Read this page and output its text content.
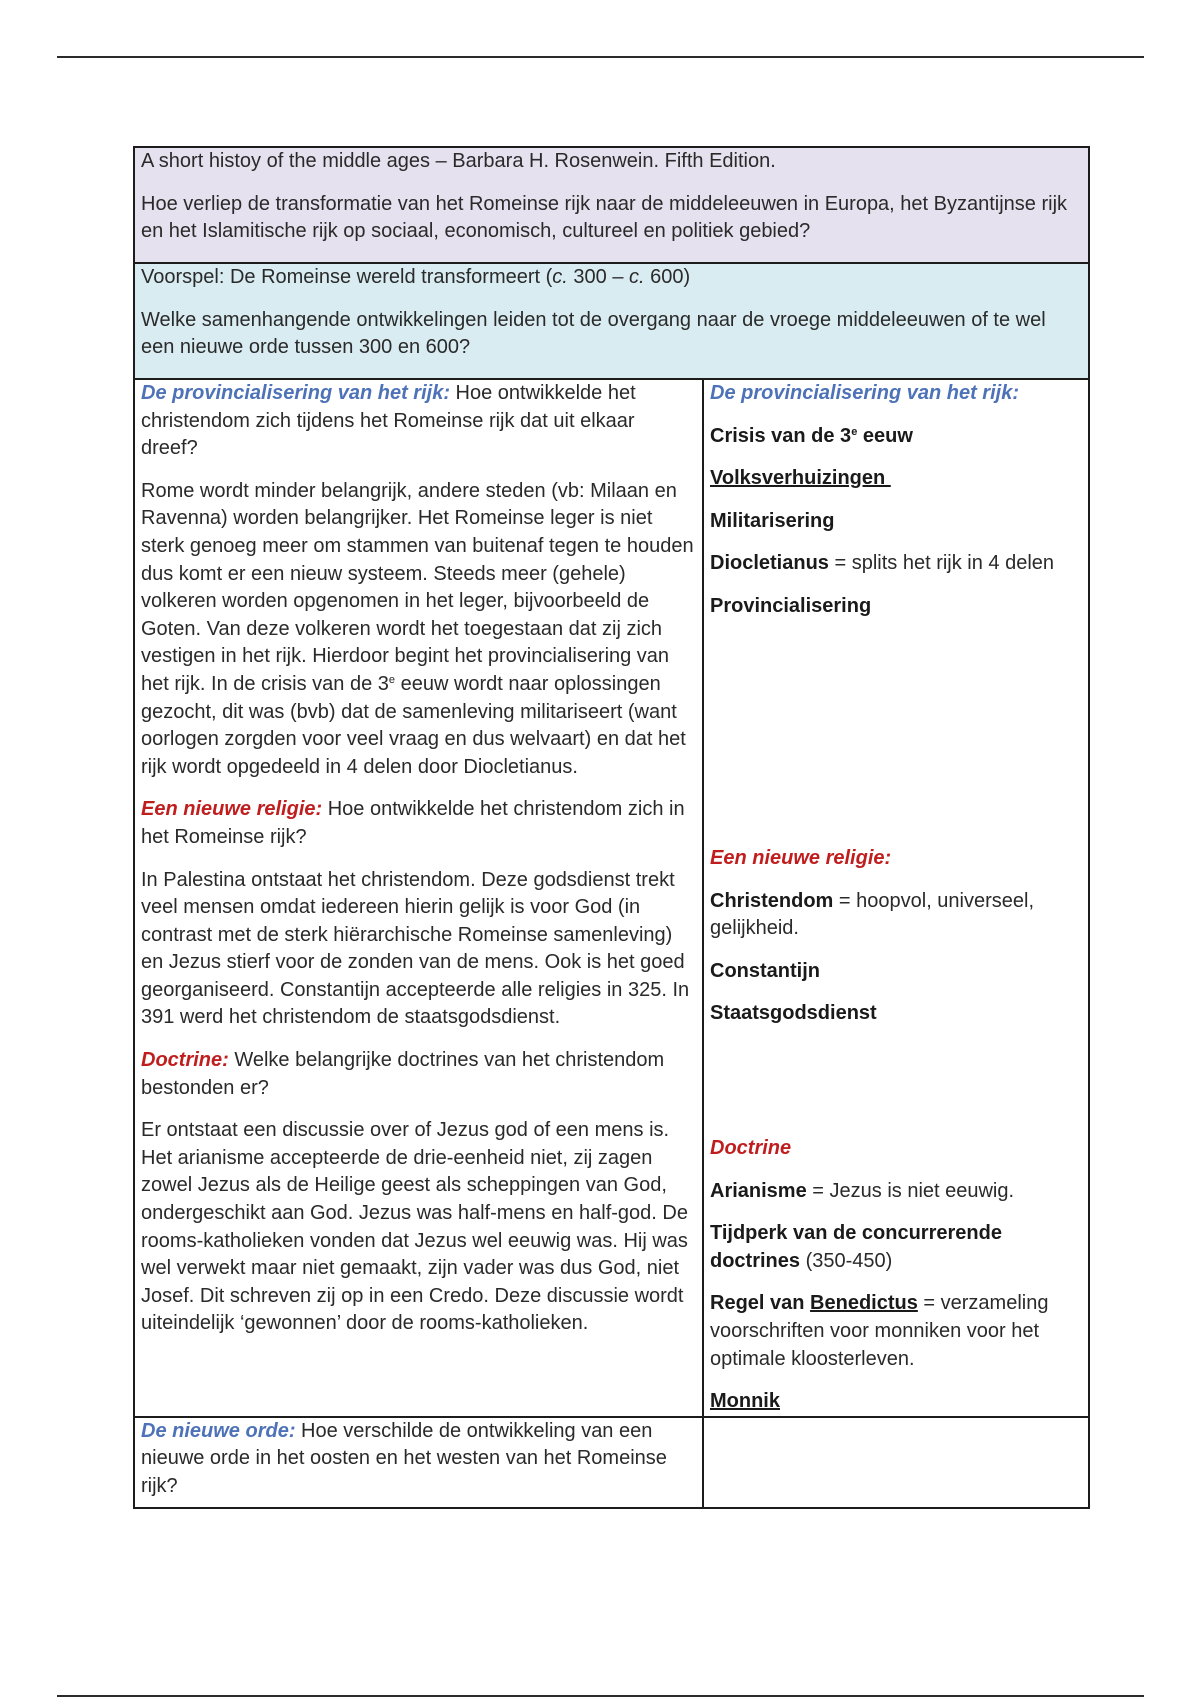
A short histoy of the middle ages – Barbara H. Rosenwein. Fifth Edition.

Hoe verliep de transformatie van het Romeinse rijk naar de middeleeuwen in Europa, het Byzantijnse rijk en het Islamitische rijk op sociaal, economisch, cultureel en politiek gebied?

Voorspel: De Romeinse wereld transformeert (c. 300 – c. 600)

Welke samenhangende ontwikkelingen leiden tot de overgang naar de vroege middeleeuwen of te wel een nieuwe orde tussen 300 en 600?

De provincialisering van het rijk: Hoe ontwikkelde het christendom zich tijdens het Romeinse rijk dat uit elkaar dreef?

Rome wordt minder belangrijk, andere steden (vb: Milaan en Ravenna) worden belangrijker. Het Romeinse leger is niet sterk genoeg meer om stammen van buitenaf tegen te houden dus komt er een nieuw systeem. Steeds meer (gehele) volkeren worden opgenomen in het leger, bijvoorbeeld de Goten. Van deze volkeren wordt het toegestaan dat zij zich vestigen in het rijk. Hierdoor begint het provincialisering van het rijk. In de crisis van de 3e eeuw wordt naar oplossingen gezocht, dit was (bvb) dat de samenleving militariseert (want oorlogen zorgden voor veel vraag en dus welvaart) en dat het rijk wordt opgedeeld in 4 delen door Diocletianus.

Een nieuwe religie: Hoe ontwikkelde het christendom zich in het Romeinse rijk?

In Palestina ontstaat het christendom. Deze godsdienst trekt veel mensen omdat iedereen hierin gelijk is voor God (in contrast met de sterk hiërarchische Romeinse samenleving) en Jezus stierf voor de zonden van de mens. Ook is het goed georganiseerd. Constantijn accepteerde alle religies in 325. In 391 werd het christendom de staatsgodsdienst.

Doctrine: Welke belangrijke doctrines van het christendom bestonden er?

Er ontstaat een discussie over of Jezus god of een mens is. Het arianisme accepteerde de drie-eenheid niet, zij zagen zowel Jezus als de Heilige geest als scheppingen van God, ondergeschikt aan God. Jezus was half-mens en half-god. De rooms-katholieken vonden dat Jezus wel eeuwig was. Hij was wel verwekt maar niet gemaakt, zijn vader was dus God, niet Josef. Dit schreven zij op in een Credo. Deze discussie wordt uiteindelijk ‘gewonnen’ door de rooms-katholieken.

De provincialisering van het rijk:

Crisis van de 3e eeuw

Volksverhuizingen

Militarisering

Diocletianus = splits het rijk in 4 delen

Provincialisering

Een nieuwe religie:

Christendom = hoopvol, universeel, gelijkheid.

Constantijn

Staatsgodsdienst

Doctrine

Arianisme = Jezus is niet eeuwig.

Tijdperk van de concurrerende doctrines (350-450)

Regel van Benedictus = verzameling voorschriften voor monniken voor het optimale kloosterleven.

Monnik

De nieuwe orde: Hoe verschilde de ontwikkeling van een nieuwe orde in het oosten en het westen van het Romeinse rijk?
